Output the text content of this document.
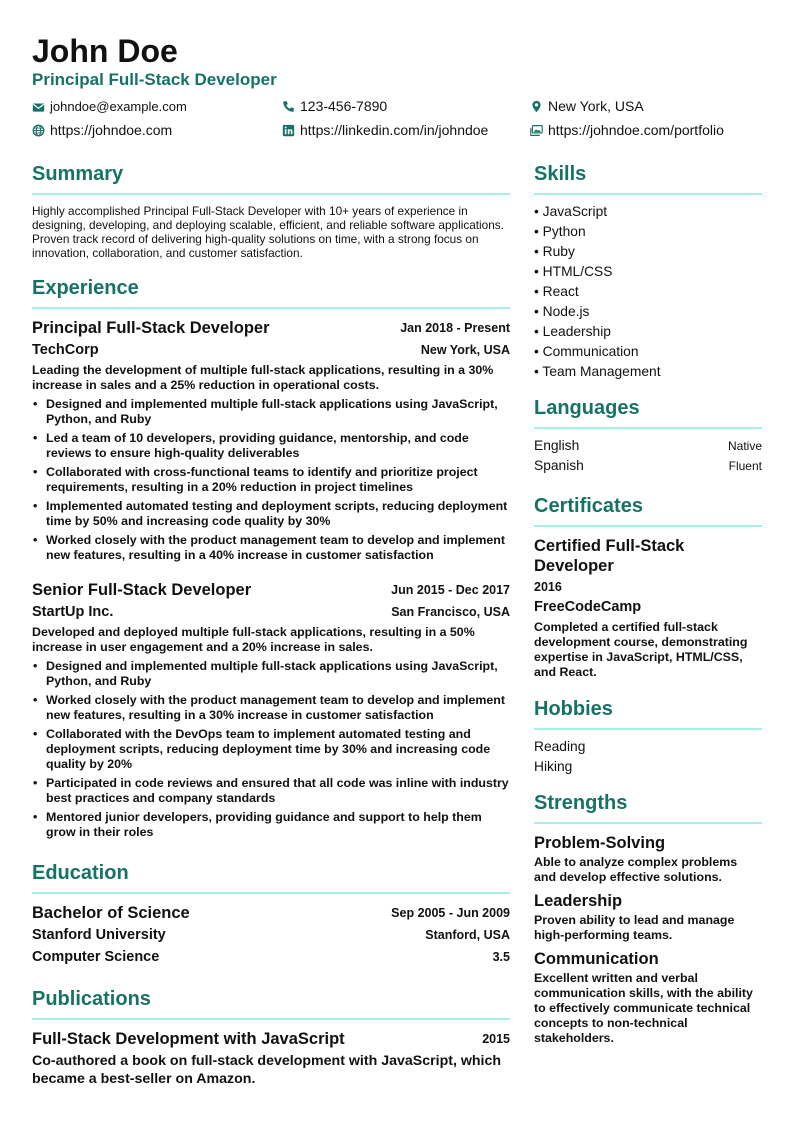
John Doe
Principal Full-Stack Developer
johndoe@example.com	123-456-7890	New York, USA
https://johndoe.com	https://linkedin.com/in/johndoe	https://johndoe.com/portfolio
Summary
Highly accomplished Principal Full-Stack Developer with 10+ years of experience in designing, developing, and deploying scalable, efficient, and reliable software applications. Proven track record of delivering high-quality solutions on time, with a strong focus on innovation, collaboration, and customer satisfaction.
Experience
Principal Full-Stack Developer	Jan 2018 - Present
TechCorp	New York, USA
Leading the development of multiple full-stack applications, resulting in a 30% increase in sales and a 25% reduction in operational costs.
• Designed and implemented multiple full-stack applications using JavaScript, Python, and Ruby
• Led a team of 10 developers, providing guidance, mentorship, and code reviews to ensure high-quality deliverables
• Collaborated with cross-functional teams to identify and prioritize project requirements, resulting in a 20% reduction in project timelines
• Implemented automated testing and deployment scripts, reducing deployment time by 50% and increasing code quality by 30%
• Worked closely with the product management team to develop and implement new features, resulting in a 40% increase in customer satisfaction
Senior Full-Stack Developer	Jun 2015 - Dec 2017
StartUp Inc.	San Francisco, USA
Developed and deployed multiple full-stack applications, resulting in a 50% increase in user engagement and a 20% increase in sales.
• Designed and implemented multiple full-stack applications using JavaScript, Python, and Ruby
• Worked closely with the product management team to develop and implement new features, resulting in a 30% increase in customer satisfaction
• Collaborated with the DevOps team to implement automated testing and deployment scripts, reducing deployment time by 30% and increasing code quality by 20%
• Participated in code reviews and ensured that all code was inline with industry best practices and company standards
• Mentored junior developers, providing guidance and support to help them grow in their roles
Education
Bachelor of Science	Sep 2005 - Jun 2009
Stanford University	Stanford, USA
Computer Science	3.5
Publications
Full-Stack Development with JavaScript	2015
Co-authored a book on full-stack development with JavaScript, which became a best-seller on Amazon.
Skills
• JavaScript
• Python
• Ruby
• HTML/CSS
• React
• Node.js
• Leadership
• Communication
• Team Management
Languages
English	Native
Spanish	Fluent
Certificates
Certified Full-Stack Developer
2016
FreeCodeCamp
Completed a certified full-stack development course, demonstrating expertise in JavaScript, HTML/CSS, and React.
Hobbies
Reading
Hiking
Strengths
Problem-Solving
Able to analyze complex problems and develop effective solutions.
Leadership
Proven ability to lead and manage high-performing teams.
Communication
Excellent written and verbal communication skills, with the ability to effectively communicate technical concepts to non-technical stakeholders.
